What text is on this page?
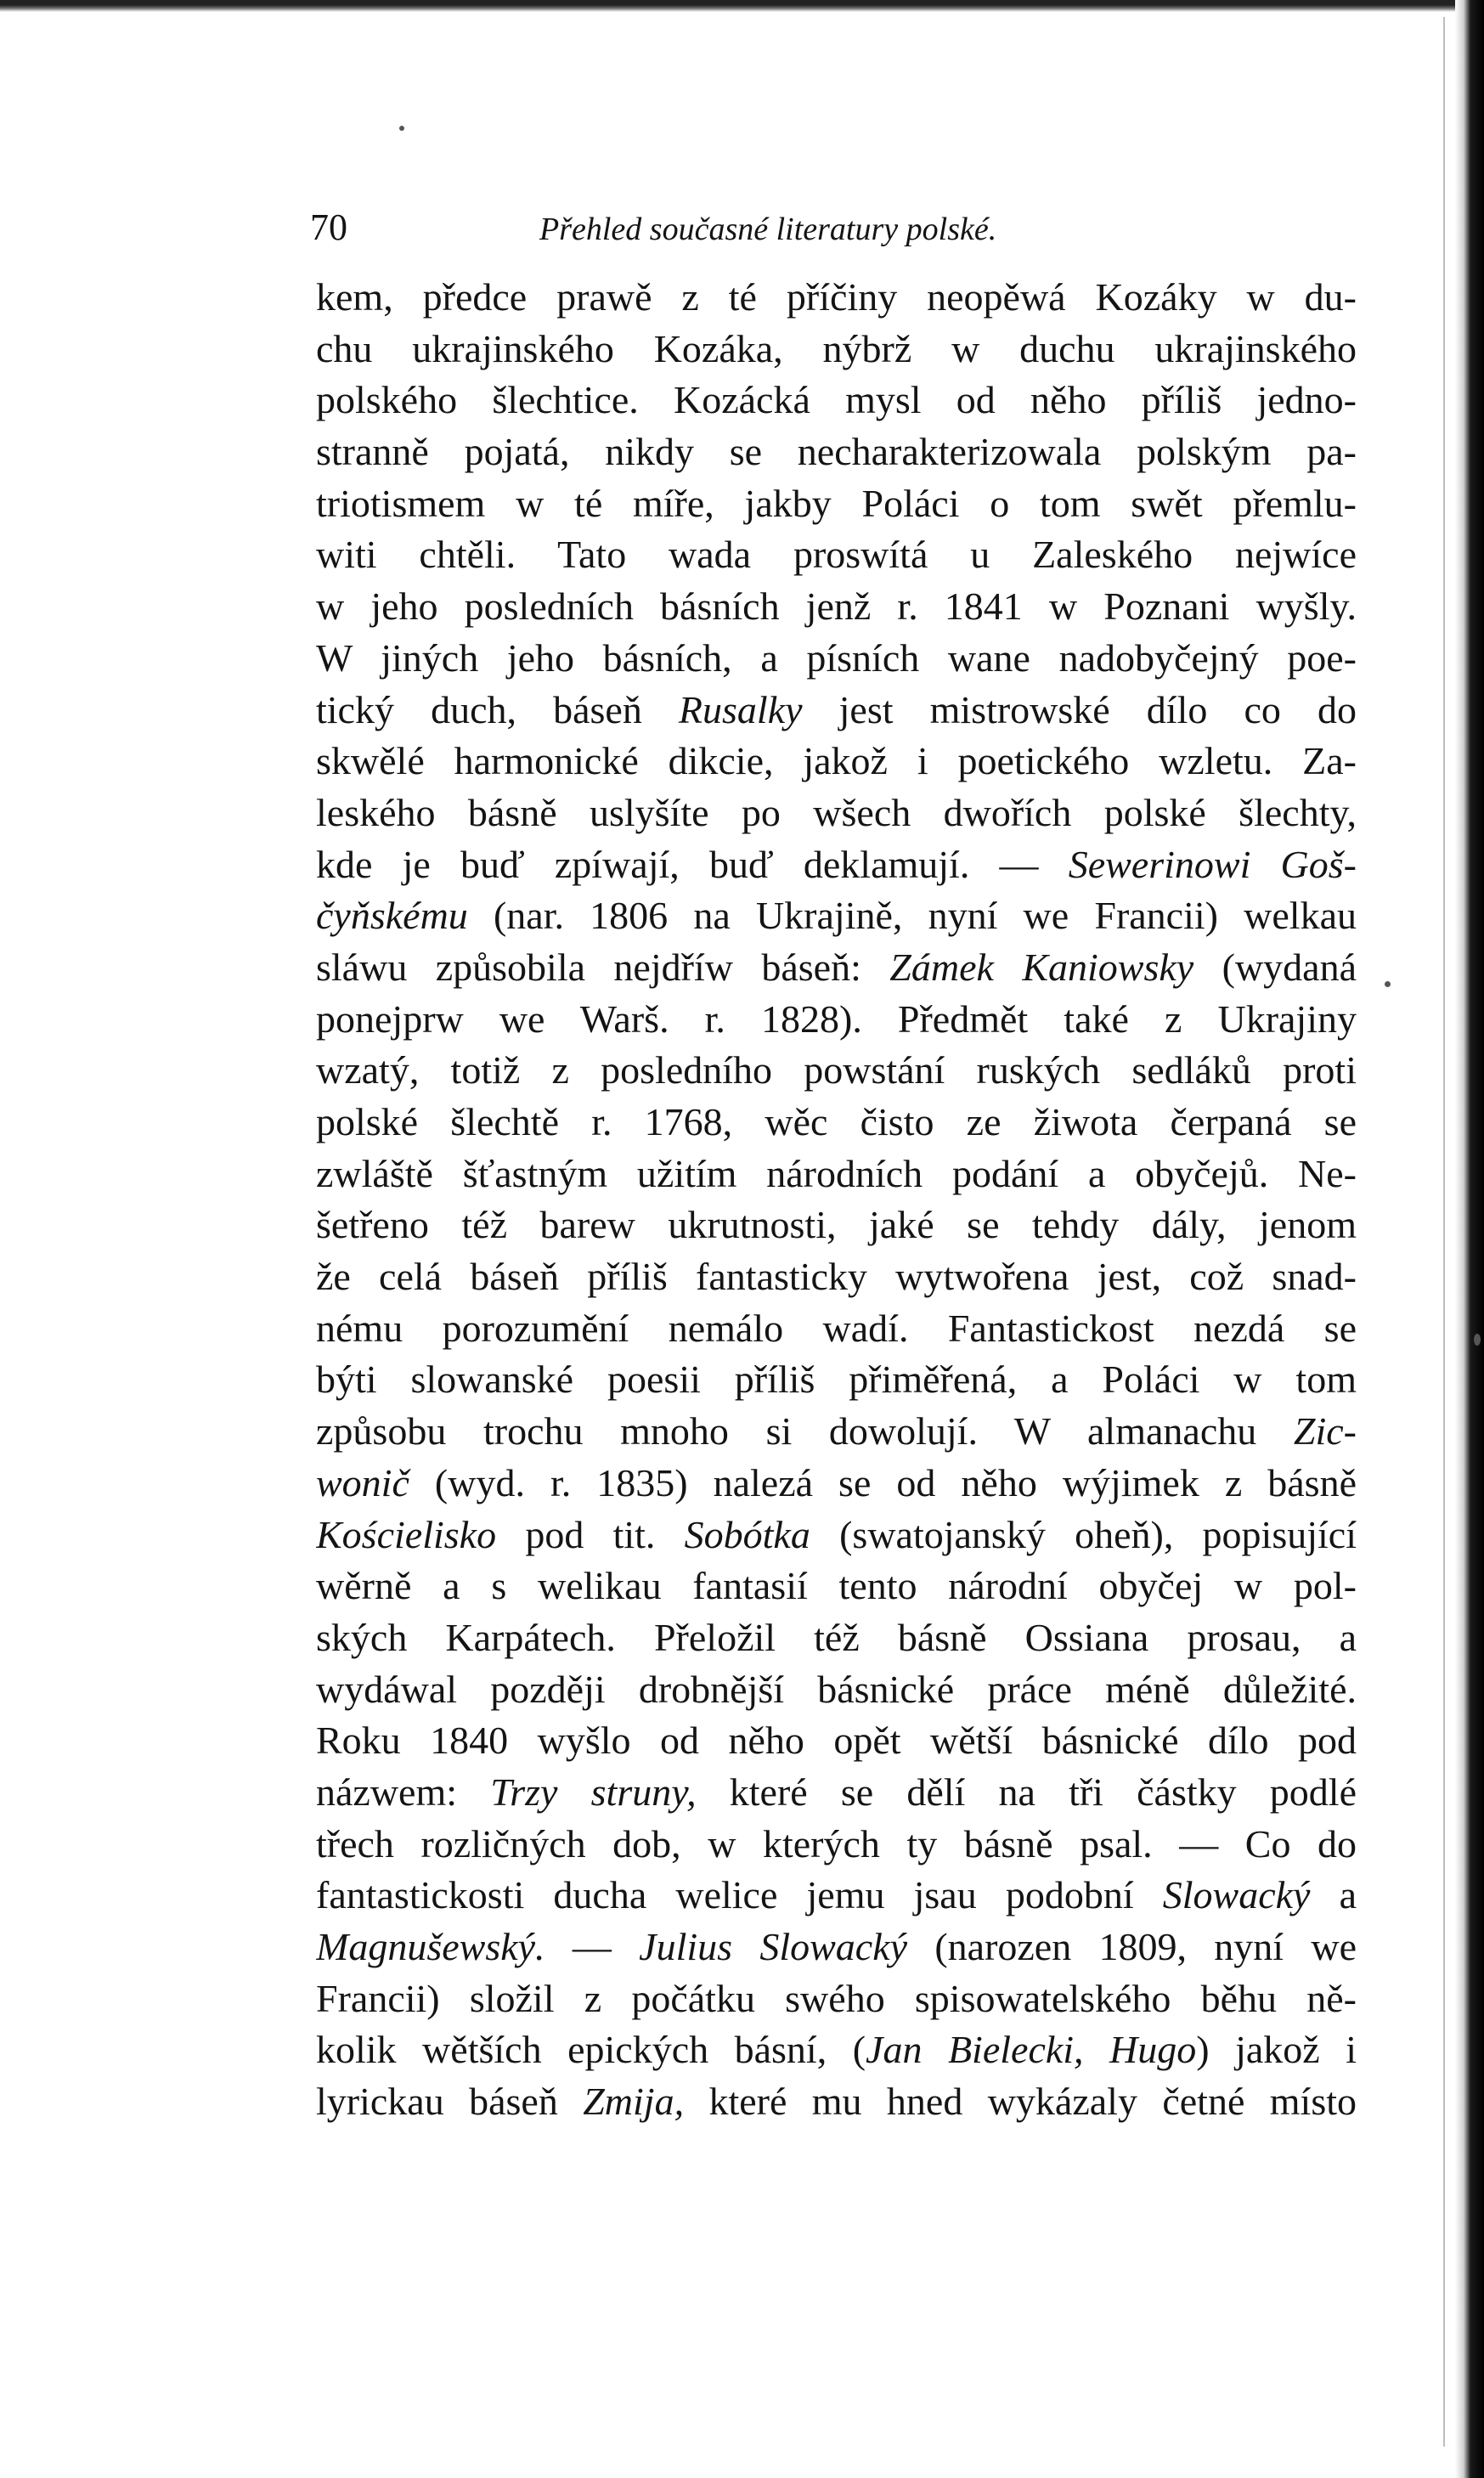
70	Přehled současné literatury polské.
kem, předce prawě z té příčiny neopěwá Kozáky w du-
chu ukrajinského Kozáka, nýbrž w duchu ukrajinského
polského šlechtice. Kozácká mysl od něho příliš jedno-
stranně pojatá, nikdy se necharakterizowala polským pa-
triotismem w té míře, jakby Poláci o tom swět přemlu-
witi chtěli. Tato wada proswítá u Zaleského nejwíce
w jeho posledních básních jenž r. 1841 w Poznani wyšly.
W jiných jeho básních, a písních wane nadobyčejný poe-
tický duch, báseň Rusalky jest mistrowské dílo co do
skwělé harmonické dikcie, jakož i poetického wzletu. Za-
leského básně uslyšíte po wšech dwořích polské šlechty,
kde je buď zpíwají, buď deklamují. — Sewerinowi Goš-
čyňskému (nar. 1806 na Ukrajině, nyní we Francii) welkau
sláwu způsobila nejdříw báseň: Zámek Kaniowsky (wydaná
ponejprw we Warš. r. 1828). Předmět také z Ukrajiny
wzatý, totiž z posledního powstání ruských sedláků proti
polské šlechtě r. 1768, wěc čisto ze žiwota čerpaná se
zwláště šťastným užitím národních podání a obyčejů. Ne-
šetřeno též barew ukrutnosti, jaké se tehdy dály, jenom
že celá báseň příliš fantasticky wytwořena jest, což snad-
nému porozumění nemálo wadí. Fantastickost nezdá se
býti slowanské poesii příliš přiměřená, a Poláci w tom
způsobu trochu mnoho si dowolují. W almanachu Zic-
wonič (wyd. r. 1835) nalezá se od něho wýjimek z básně
Kościelisko pod tit. Sobótka (swatojanský oheň), popisující
wěrně a s welikau fantasií tento národní obyčej w pol-
ských Karpátech. Přeložil též básně Ossiana prosau, a
wydáwal později drobnější básnické práce méně důležité.
Roku 1840 wyšlo od něho opět wětší básnické dílo pod
názwem: Trzy struny, které se dělí na tři částky podlé
třech rozličných dob, w kterých ty básně psal. — Co do
fantastickosti ducha welice jemu jsau podobní Slowacký a
Magnušewský. — Julius Slowacký (narozen 1809, nyní we
Francii) složil z počátku swého spisowatelského běhu ně-
kolik wětších epických básní, (Jan Bielecki, Hugo) jakož i
lyrickau báseň Zmija, které mu hned wykázaly četné místo
